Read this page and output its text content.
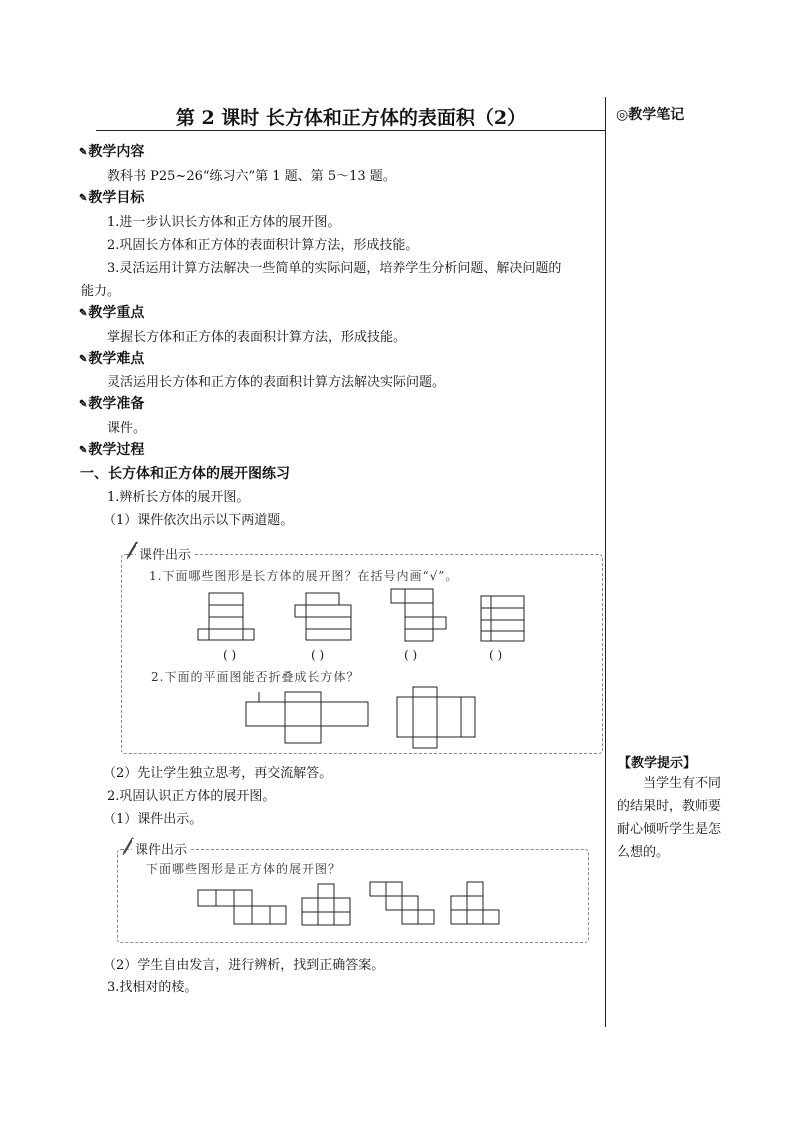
第 2 课时 长方体和正方体的表面积（2）	◎教学笔记
✎教学内容
教科书 P25~26“练习六”第 1 题、第 5～13 题。
✎教学目标
1.进一步认识长方体和正方体的展开图。
2.巩固长方体和正方体的表面积计算方法，形成技能。
3.灵活运用计算方法解决一些简单的实际问题，培养学生分析问题、解决问题的
能力。
✎教学重点
掌握长方体和正方体的表面积计算方法，形成技能。
✎教学难点
灵活运用长方体和正方体的表面积计算方法解决实际问题。
✎教学准备
课件。
✎教学过程
一、长方体和正方体的展开图练习
1.辨析长方体的展开图。
（1）课件依次出示以下两道题。
课件出示
1.下面哪些图形是长方体的展开图？在括号内画“√”。
( )	( )	( )	( )
2.下面的平面图能否折叠成长方体？
（2）先让学生独立思考，再交流解答。
2.巩固认识正方体的展开图。
（1）课件出示。
课件出示
下面哪些图形是正方体的展开图？
（2）学生自由发言，进行辨析，找到正确答案。
3.找相对的棱。
【教学提示】
当学生有不同的结果时，教师要耐心倾听学生是怎么想的。
